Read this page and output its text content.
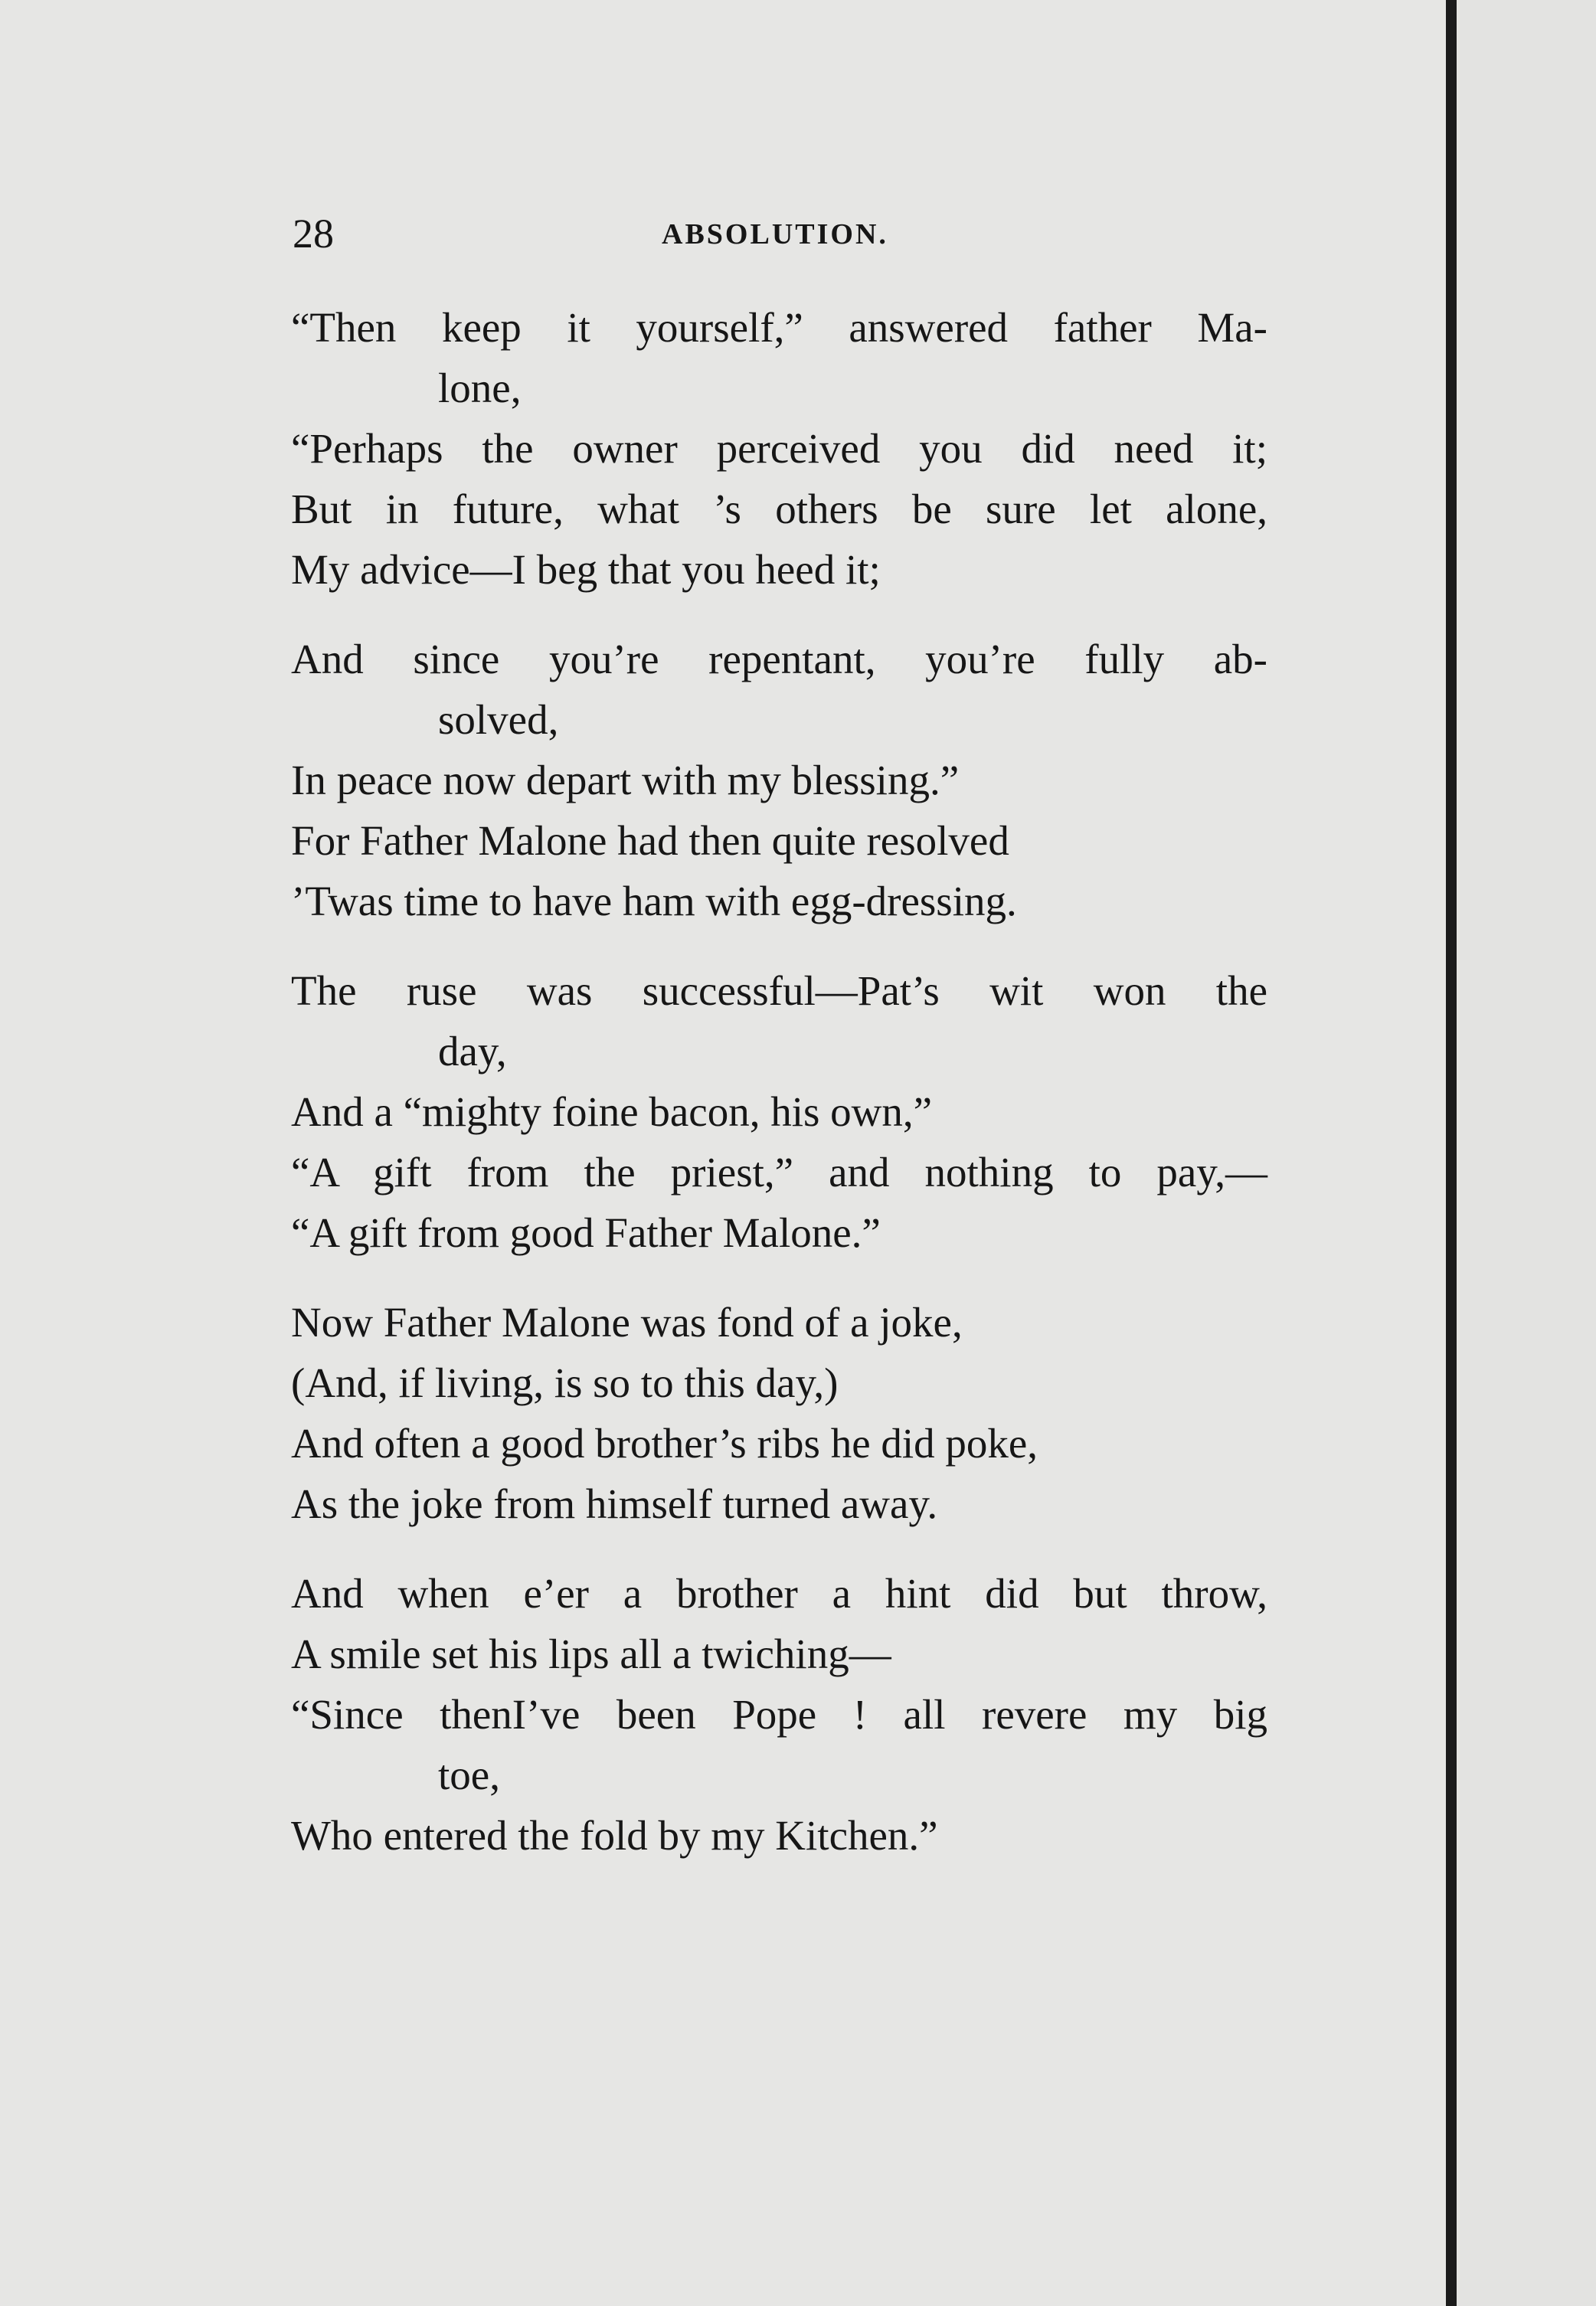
28	ABSOLUTION.
“Then keep it yourself,” answered father Ma-
lone,
“Perhaps the owner perceived you did need it;
But in future, what ’s others be sure let alone,
My advice—I beg that you heed it;
And since you’re repentant, you’re fully ab-
solved,
In peace now depart with my blessing.”
For Father Malone had then quite resolved
’Twas time to have ham with egg-dressing.
The ruse was successful—Pat’s wit won the
day,
And a “mighty foine bacon, his own,”
“A gift from the priest,” and nothing to pay,—
“A gift from good Father Malone.”
Now Father Malone was fond of a joke,
(And, if living, is so to this day,)
And often a good brother’s ribs he did poke,
As the joke from himself turned away.
And when e’er a brother a hint did but throw,
A smile set his lips all a twiching—
“Since thenI’ve been Pope ! all revere my big
toe,
Who entered the fold by my Kitchen.”
